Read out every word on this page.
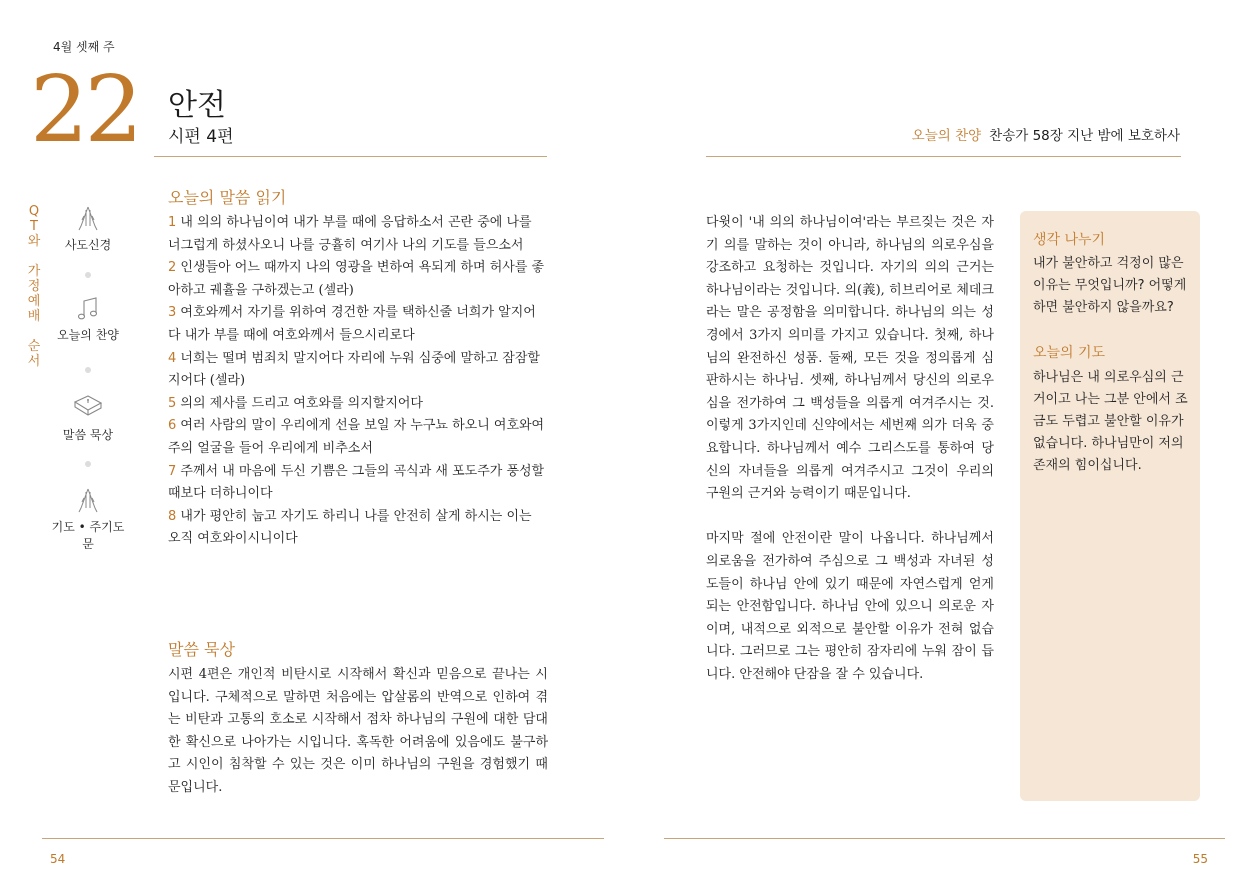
4월 셋째 주
22 안전
시편 4편	오늘의 찬양 찬송가 58장 지난 밤에 보호하사
Q
T
와

가
정
예
배

순
서
사도신경
오늘의 찬양
말씀 묵상
기도 • 주기도문
오늘의 말씀 읽기

1 내 의의 하나님이여 내가 부를 때에 응답하소서 곤란 중에 나를 너그럽게 하셨사오니 나를 긍휼히 여기사 나의 기도를 들으소서

2 인생들아 어느 때까지 나의 영광을 변하여 욕되게 하며 허사를 좋아하고 궤휼을 구하겠는고 (셀라)

3 여호와께서 자기를 위하여 경건한 자를 택하신줄 너희가 알지어다 내가 부를 때에 여호와께서 들으시리로다

4 너희는 떨며 범죄치 말지어다 자리에 누워 심중에 말하고 잠잠할지어다 (셀라)

5 의의 제사를 드리고 여호와를 의지할지어다

6 여러 사람의 말이 우리에게 선을 보일 자 누구뇨 하오니 여호와여 주의 얼굴을 들어 우리에게 비추소서

7 주께서 내 마음에 두신 기쁨은 그들의 곡식과 새 포도주가 풍성할 때보다 더하니이다

8 내가 평안히 눕고 자기도 하리니 나를 안전히 살게 하시는 이는 오직 여호와이시니이다

말씀 묵상

시편 4편은 개인적 비탄시로 시작해서 확신과 믿음으로 끝나는 시입니다. 구체적으로 말하면 처음에는 압살롬의 반역으로 인하여 겪는 비탄과 고통의 호소로 시작해서 점차 하나님의 구원에 대한 담대한 확신으로 나아가는 시입니다. 혹독한 어려움에 있음에도 불구하고 시인이 침착할 수 있는 것은 이미 하나님의 구원을 경험했기 때문입니다.

다윗이 '내 의의 하나님이여'라는 부르짖는 것은 자기 의를 말하는 것이 아니라, 하나님의 의로우심을 강조하고 요청하는 것입니다. 자기의 의의 근거는 하나님이라는 것입니다. 의(義), 히브리어로 체데크라는 말은 공정함을 의미합니다. 하나님의 의는 성경에서 3가지 의미를 가지고 있습니다. 첫째, 하나님의 완전하신 성품. 둘째, 모든 것을 정의롭게 심판하시는 하나님. 셋째, 하나님께서 당신의 의로우심을 전가하여 그 백성들을 의롭게 여겨주시는 것. 이렇게 3가지인데 신약에서는 세번째 의가 더욱 중요합니다. 하나님께서 예수 그리스도를 통하여 당신의 자녀들을 의롭게 여겨주시고 그것이 우리의 구원의 근거와 능력이기 때문입니다.

마지막 절에 안전이란 말이 나옵니다. 하나님께서 의로움을 전가하여 주심으로 그 백성과 자녀된 성도들이 하나님 안에 있기 때문에 자연스럽게 얻게되는 안전함입니다. 하나님 안에 있으니 의로운 자이며, 내적으로 외적으로 불안할 이유가 전혀 없습니다. 그러므로 그는 평안히 잠자리에 누워 잠이 듭니다. 안전해야 단잠을 잘 수 있습니다.

생각 나누기
내가 불안하고 걱정이 많은 이유는 무엇입니까? 어떻게 하면 불안하지 않을까요?
오늘의 기도
하나님은 내 의로우심의 근거이고 나는 그분 안에서 조금도 두렵고 불안할 이유가 없습니다. 하나님만이 저의 존재의 힘이십니다.
54	55
